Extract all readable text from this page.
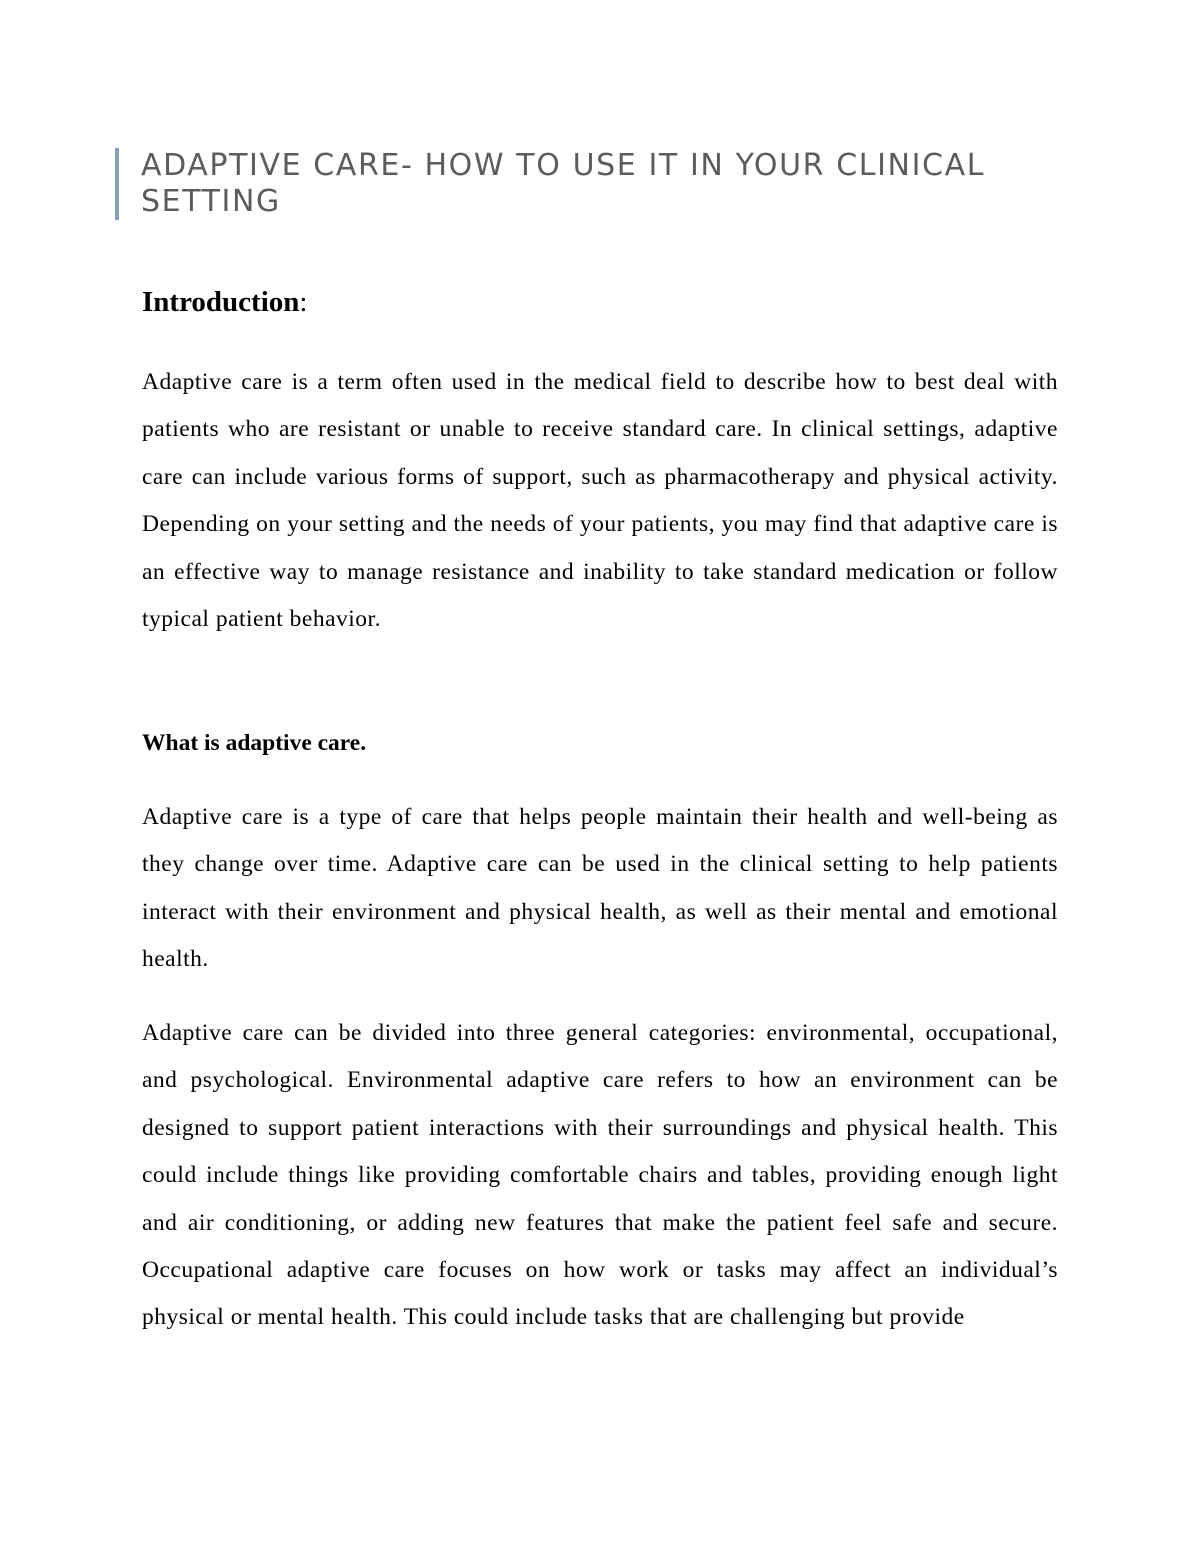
ADAPTIVE CARE- HOW TO USE IT IN YOUR CLINICAL SETTING
Introduction:

Adaptive care is a term often used in the medical field to describe how to best deal with patients who are resistant or unable to receive standard care. In clinical settings, adaptive care can include various forms of support, such as pharmacotherapy and physical activity. Depending on your setting and the needs of your patients, you may find that adaptive care is an effective way to manage resistance and inability to take standard medication or follow typical patient behavior.

What is adaptive care.

Adaptive care is a type of care that helps people maintain their health and well-being as they change over time. Adaptive care can be used in the clinical setting to help patients interact with their environment and physical health, as well as their mental and emotional health.

Adaptive care can be divided into three general categories: environmental, occupational, and psychological. Environmental adaptive care refers to how an environment can be designed to support patient interactions with their surroundings and physical health. This could include things like providing comfortable chairs and tables, providing enough light and air conditioning, or adding new features that make the patient feel safe and secure. Occupational adaptive care focuses on how work or tasks may affect an individual’s physical or mental health. This could include tasks that are challenging but provide
